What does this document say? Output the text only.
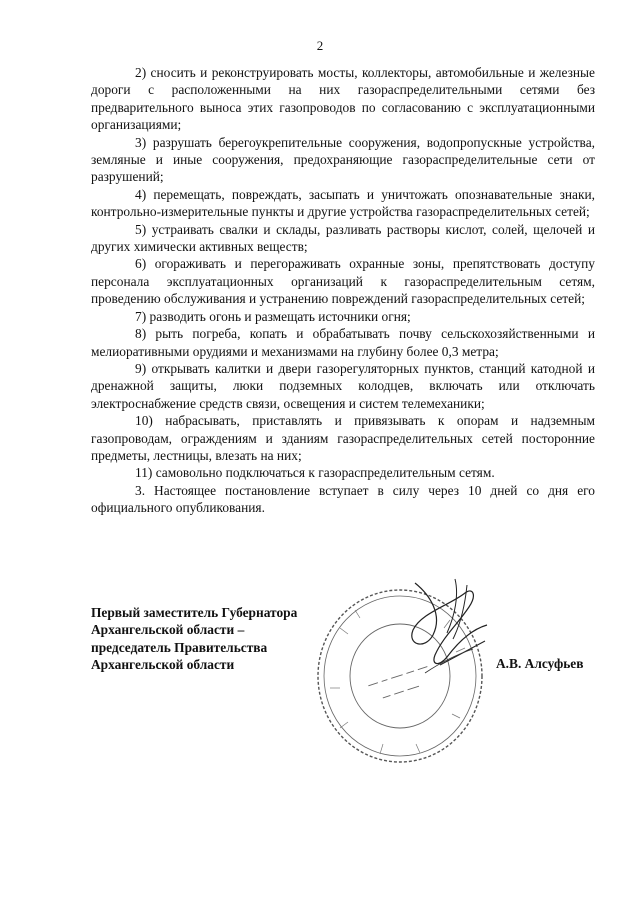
2

2) сносить и реконструировать мосты, коллекторы, автомобильные и железные дороги с расположенными на них газораспределительными сетями без предварительного выноса этих газопроводов по согласованию с эксплуатационными организациями;

3) разрушать берегоукрепительные сооружения, водопропускные устройства, земляные и иные сооружения, предохраняющие газораспределительные сети от разрушений;

4) перемещать, повреждать, засыпать и уничтожать опознавательные знаки, контрольно-измерительные пункты и другие устройства газораспределительных сетей;

5) устраивать свалки и склады, разливать растворы кислот, солей, щелочей и других химически активных веществ;

6) огораживать и перегораживать охранные зоны, препятствовать доступу персонала эксплуатационных организаций к газораспределительным сетям, проведению обслуживания и устранению повреждений газораспределительных сетей;

7) разводить огонь и размещать источники огня;

8) рыть погреба, копать и обрабатывать почву сельскохозяйственными и мелиоративными орудиями и механизмами на глубину более 0,3 метра;

9) открывать калитки и двери газорегуляторных пунктов, станций катодной и дренажной защиты, люки подземных колодцев, включать или отключать электроснабжение средств связи, освещения и систем телемеханики;

10) набрасывать, приставлять и привязывать к опорам и надземным газопроводам, ограждениям и зданиям газораспределительных сетей посторонние предметы, лестницы, влезать на них;

11) самовольно подключаться к газораспределительным сетям.

3. Настоящее постановление вступает в силу через 10 дней со дня его официального опубликования.

Первый заместитель Губернатора
Архангельской области –
председатель Правительства
Архангельской области	А.В. Алсуфьев
